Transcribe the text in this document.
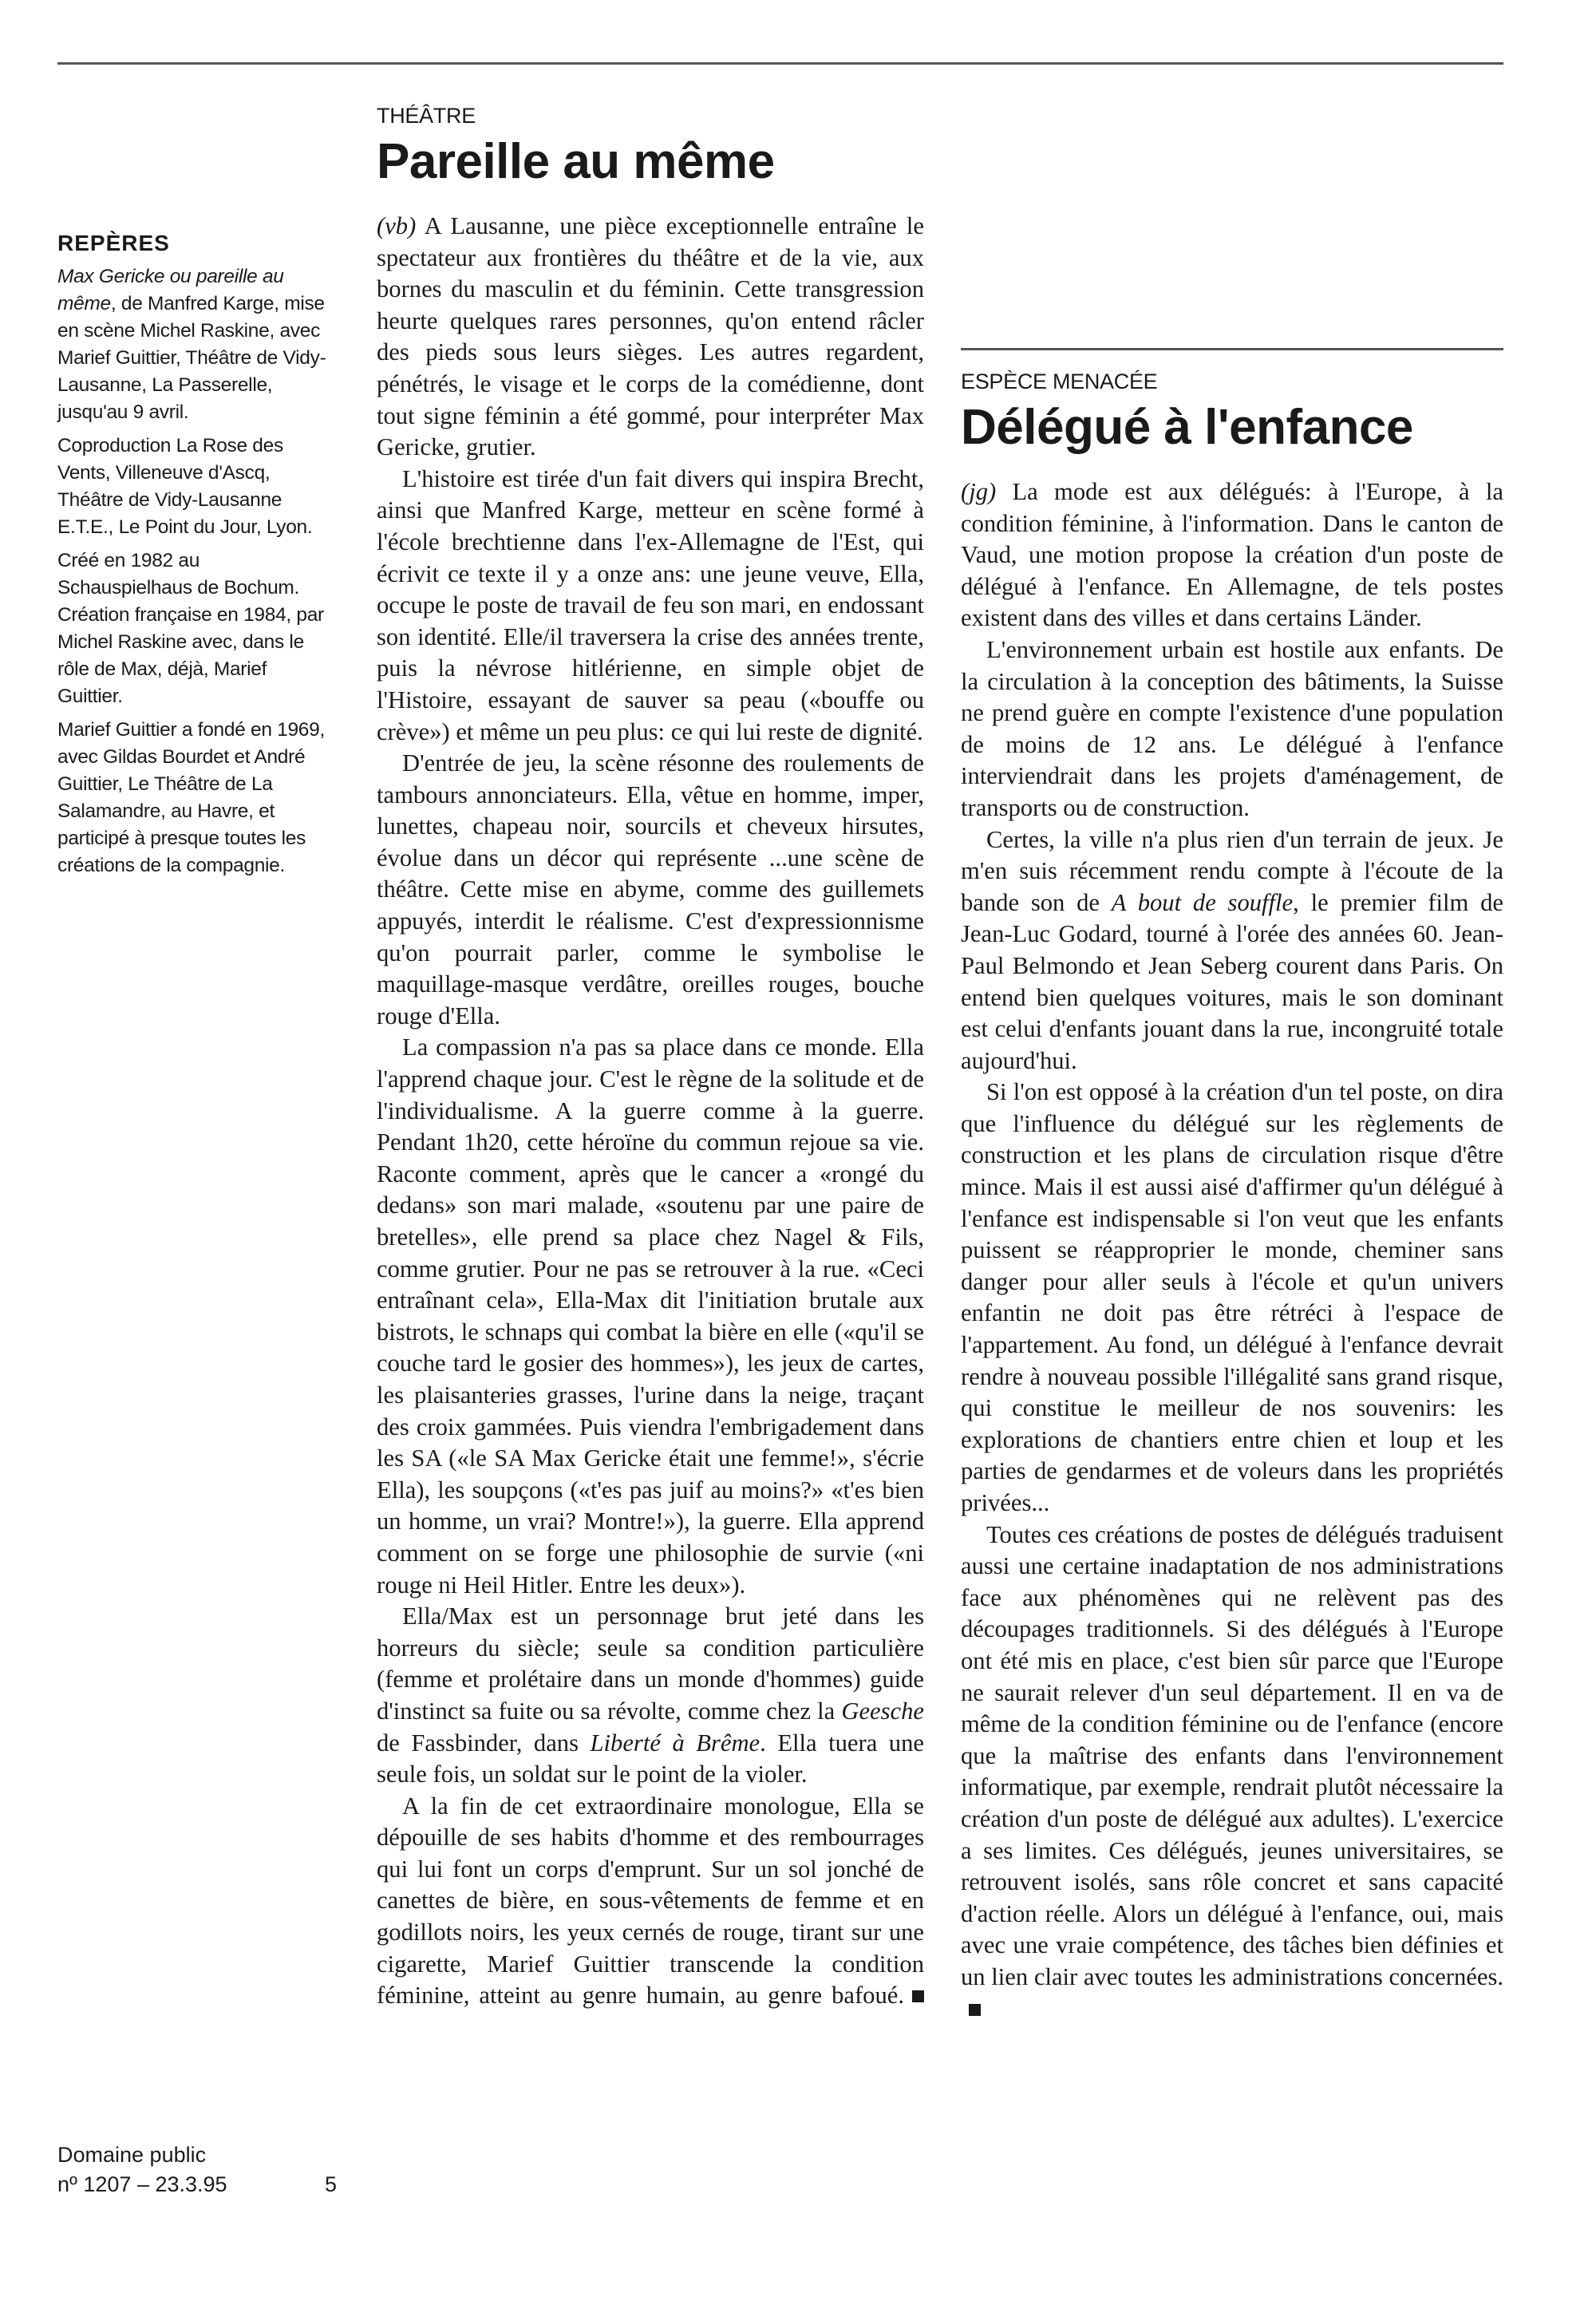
REPÈRES

Max Gericke ou pareille au même, de Manfred Karge, mise en scène Michel Raskine, avec Marief Guittier, Théâtre de Vidy-Lausanne, La Passerelle, jusqu'au 9 avril.

Coproduction La Rose des Vents, Villeneuve d'Ascq, Théâtre de Vidy-Lausanne E.T.E., Le Point du Jour, Lyon.

Créé en 1982 au Schauspielhaus de Bochum. Création française en 1984, par Michel Raskine avec, dans le rôle de Max, déjà, Marief Guittier.

Marief Guittier a fondé en 1969, avec Gildas Bourdet et André Guittier, Le Théâtre de La Salamandre, au Havre, et participé à presque toutes les créations de la compagnie.

Domaine public
nº 1207 – 23.3.95	5
THÉÂTRE
Pareille au même

(vb) A Lausanne, une pièce exceptionnelle entraîne le spectateur aux frontières du théâtre et de la vie, aux bornes du masculin et du féminin. Cette transgression heurte quelques rares personnes, qu'on entend râcler des pieds sous leurs sièges. Les autres regardent, pénétrés, le visage et le corps de la comédienne, dont tout signe féminin a été gommé, pour interpréter Max Gericke, grutier.

L'histoire est tirée d'un fait divers qui inspira Brecht, ainsi que Manfred Karge, metteur en scène formé à l'école brechtienne dans l'ex-Allemagne de l'Est, qui écrivit ce texte il y a onze ans: une jeune veuve, Ella, occupe le poste de travail de feu son mari, en endossant son identité. Elle/il traversera la crise des années trente, puis la névrose hitlérienne, en simple objet de l'Histoire, essayant de sauver sa peau («bouffe ou crève») et même un peu plus: ce qui lui reste de dignité.

D'entrée de jeu, la scène résonne des roulements de tambours annonciateurs. Ella, vêtue en homme, imper, lunettes, chapeau noir, sourcils et cheveux hirsutes, évolue dans un décor qui représente ...une scène de théâtre. Cette mise en abyme, comme des guillemets appuyés, interdit le réalisme. C'est d'expressionnisme qu'on pourrait parler, comme le symbolise le maquillage-masque verdâtre, oreilles rouges, bouche rouge d'Ella.

La compassion n'a pas sa place dans ce monde. Ella l'apprend chaque jour. C'est le règne de la solitude et de l'individualisme. A la guerre comme à la guerre. Pendant 1h20, cette héroïne du commun rejoue sa vie. Raconte comment, après que le cancer a «rongé du dedans» son mari malade, «soutenu par une paire de bretelles», elle prend sa place chez Nagel & Fils, comme grutier. Pour ne pas se retrouver à la rue. «Ceci entraînant cela», Ella-Max dit l'initiation brutale aux bistrots, le schnaps qui combat la bière en elle («qu'il se couche tard le gosier des hommes»), les jeux de cartes, les plaisanteries grasses, l'urine dans la neige, traçant des croix gammées. Puis viendra l'embrigadement dans les SA («le SA Max Gericke était une femme!», s'écrie Ella), les soupçons («t'es pas juif au moins?» «t'es bien un homme, un vrai? Montre!»), la guerre. Ella apprend comment on se forge une philosophie de survie («ni rouge ni Heil Hitler. Entre les deux»).

Ella/Max est un personnage brut jeté dans les horreurs du siècle; seule sa condition particulière (femme et prolétaire dans un monde d'hommes) guide d'instinct sa fuite ou sa révolte, comme chez la Geesche de Fassbinder, dans Liberté à Brême. Ella tuera une seule fois, un soldat sur le point de la violer.

A la fin de cet extraordinaire monologue, Ella se dépouille de ses habits d'homme et des rembourrages qui lui font un corps d'emprunt. Sur un sol jonché de canettes de bière, en sous-vêtements de femme et en godillots noirs, les yeux cernés de rouge, tirant sur une cigarette, Marief Guittier transcende la condition féminine, atteint au genre humain, au genre bafoué.

ESPÈCE MENACÉE
Délégué à l'enfance

(jg) La mode est aux délégués: à l'Europe, à la condition féminine, à l'information. Dans le canton de Vaud, une motion propose la création d'un poste de délégué à l'enfance. En Allemagne, de tels postes existent dans des villes et dans certains Länder.

L'environnement urbain est hostile aux enfants. De la circulation à la conception des bâtiments, la Suisse ne prend guère en compte l'existence d'une population de moins de 12 ans. Le délégué à l'enfance interviendrait dans les projets d'aménagement, de transports ou de construction.

Certes, la ville n'a plus rien d'un terrain de jeux. Je m'en suis récemment rendu compte à l'écoute de la bande son de A bout de souffle, le premier film de Jean-Luc Godard, tourné à l'orée des années 60. Jean-Paul Belmondo et Jean Seberg courent dans Paris. On entend bien quelques voitures, mais le son dominant est celui d'enfants jouant dans la rue, incongruité totale aujourd'hui.

Si l'on est opposé à la création d'un tel poste, on dira que l'influence du délégué sur les règlements de construction et les plans de circulation risque d'être mince. Mais il est aussi aisé d'affirmer qu'un délégué à l'enfance est indispensable si l'on veut que les enfants puissent se réapproprier le monde, cheminer sans danger pour aller seuls à l'école et qu'un univers enfantin ne doit pas être rétréci à l'espace de l'appartement. Au fond, un délégué à l'enfance devrait rendre à nouveau possible l'illégalité sans grand risque, qui constitue le meilleur de nos souvenirs: les explorations de chantiers entre chien et loup et les parties de gendarmes et de voleurs dans les propriétés privées...

Toutes ces créations de postes de délégués traduisent aussi une certaine inadaptation de nos administrations face aux phénomènes qui ne relèvent pas des découpages traditionnels. Si des délégués à l'Europe ont été mis en place, c'est bien sûr parce que l'Europe ne saurait relever d'un seul département. Il en va de même de la condition féminine ou de l'enfance (encore que la maîtrise des enfants dans l'environnement informatique, par exemple, rendrait plutôt nécessaire la création d'un poste de délégué aux adultes). L'exercice a ses limites. Ces délégués, jeunes universitaires, se retrouvent isolés, sans rôle concret et sans capacité d'action réelle. Alors un délégué à l'enfance, oui, mais avec une vraie compétence, des tâches bien définies et un lien clair avec toutes les administrations concernées.
